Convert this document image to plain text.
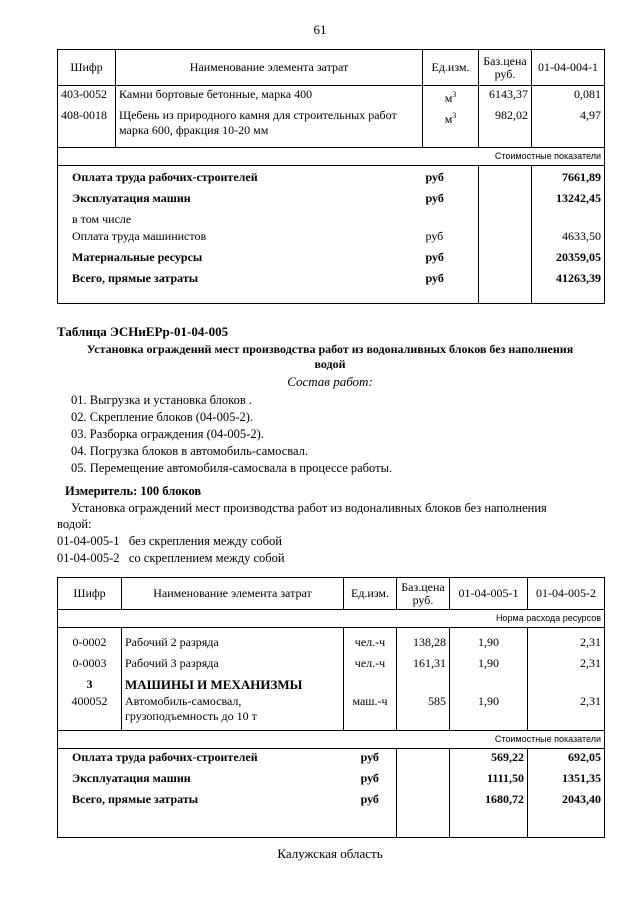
61
Шифр	Наименование элемента затрат	Ед.изм.	Баз.цена руб.	01-04-004-1
403-0052	Камни бортовые бетонные, марка 400	$м^3$	6143,37	0,081
408-0018	Щебень из природного камня для строительных работ
марка 600, фракция 10-20 мм	$м^3$	982,02	4,97

Стоимостные показатели				

Оплата труда рабочих-строителей		руб		7661,89
Эксплуатация машин		руб		13242,45
в том числе				
Оплата труда машинистов		руб		4633,50
Материальные ресурсы		руб		20359,05
Всего, прямые затраты		руб		41263,39

Таблица ЭСНиЕРр-01-04-005
Установка ограждений мест производства работ из водоналивных блоков без наполнения
водой
Состав работ:
01. Выгрузка и установка блоков .
02. Скрепление блоков (04-005-2).
03. Разборка ограждения (04-005-2).
04. Погрузка блоков в автомобиль-самосвал.
05. Перемещение автомобиля-самосвала в процессе работы.
Измеритель: 100 блоков
Установка ограждений мест производства работ из водоналивных блоков без наполнения
водой:
01-04-005-1 без скрепления между собой
01-04-005-2 со скреплением между собой
Шифр	Наименование элемента затрат	Ед.изм.	Баз.цена руб.	01-04-005-1	01-04-005-2
Норма расхода ресурсов					

0-0002	Рабочий 2 разряда	чел.-ч	138,28	1,90	2,31
0-0003	Рабочий 3 разряда	чел.-ч	161,31	1,90	2,31
3	МАШИНЫ И МЕХАНИЗМЫ				
400052	Автомобиль-самосвал,
грузоподъемность до 10 т	маш.-ч	585	1,90	2,31

Стоимостные показатели					
Оплата труда рабочих-строителей		руб		569,22	692,05
Эксплуатация машин		руб		1111,50	1351,35
Всего, прямые затраты		руб		1680,72	2043,40

Калужская область
